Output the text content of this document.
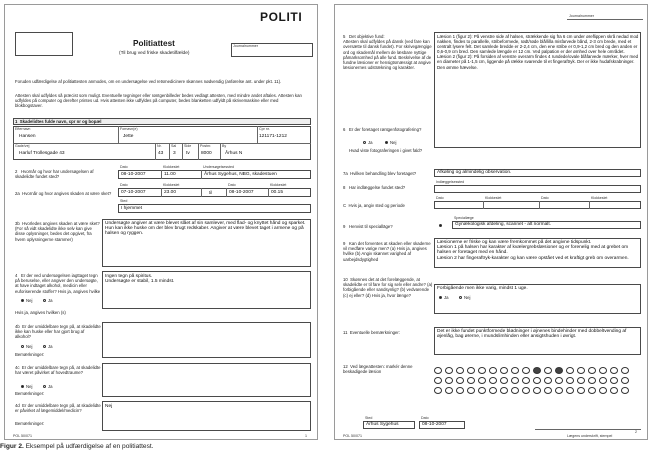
POLITI
Politiattest
(Til brug ved friske skadetilfælde)
Journalnummer
Foruden udfærdigelse af politiattesten anmodes, om en undersøgelse ved retsmedicinere skønnes nødvendig (anførelse ant. under pkt. 11).
Attesten skal udfyldes så præcist som muligt. Eventuelle tegninger eller røntgenbilleder bedes vedlagt attesten, med mindre andet aftales. Attesten kan udfyldes på computer og derefter printes ud. Hvis attesten ikke udfyldes på computer, bedes blanketten udfyldt på skrivemaskine eller med blokbogstaver.
1  Skadelidtes fulde navn, cpr nr og bopæl
Efternavn
Hansen
Fornavn(e)
Jette
Cpr nr.
121171-1212
Gade/vej
Harluf Trollesgade 43
Nr.
43
Sal
3
Side
tv
Postnr.
8000
By
Århus N
2   Hvornår og hvor har undersøgelsen af skadelidte fundet sted?
Dato	Klokkeslet	Undersøgelsessted
08-10-2007	11.00	Århus Sygehus, NBG, skadestuen
2a  Hvornår og hvor angives skaden at være sket?
Dato	Klokkeslet	Dato	Klokkeslet
07-10-2007	23.00	til	08-10-2007	00.15
Sted
I hjemmet
3b  Hvorledes angives skaden at være sket? (For så vidt skadelidte ikke selv kan give disse oplysninger, bedes det opgivet, fra hvem oplysningerne stammer)
Undersøgte angiver at være blevet slået af sin samlever, med flad- og knyttet hånd og sparket. Hun kan ikke huske om der blev brugt redskaber. Angiver at være blevet taget i armene og på halsen og ryggen.
4   Er der ved undersøgelsen iagttaget tegn på beruselse, eller angiver den undersøgte, at have indtaget alkohol, medicin eller euforiserende stoffer? Hvis ja, angives hvilke
Ingen tegn på spiritus.
Undersøgte er stabil, 1.5 mindst.
Nej	Ja
Hvis ja, angives hvilken (s)
4b  Er der umiddelbare tegn på, at skadelidte ikke kan huske eller har gjort brug af alkohol?
Nej	Ja
Bemærkninger:
4c  Er der umiddelbare tegn på, at skadelidte har været påvirket af hovedtraume?
Nej	Ja
Bemærkninger:
4d  Er der umiddelbare tegn på, at skadelidte er påvirket af lægemiddel/medicin?
Nej
Bemærkninger:
POL 50/071	1
Journalnummer
5   Det objektive fund:
Attesten skal udfyldes på dansk (ved fare kan oversætte til dansk fundet). For skrivegængige ord og skademål mellem de læsbare nyttige påmarksomhed på alle fund. Beskrivelse af de fundne læsioner er hensigtsmæssigt at angive læsionernes udstrækning og karakter.
Læsion 1 (figur 2): På venstre side af halsen, strækkende sig fra 6 cm under øreflippen skrå nedad mod nakken, findes to parallelle, stribeformede, rødt/røde blå/lilla misfarvede bånd, 2-3 cm brede, med et centralt lysere felt. Det samlede bredde er 2-2,4 cm, den ene stribe er 0,9-1,2 cm bred og den anden er 0,6-0,9 cm bred. Den samlede længde er 12 cm. Ved palpation er der ømhed over hele området.
Læsion 2 (figur 2): På forsiden af venstre overarm findes 4 rundede/ovale blåfarvede mærker, hver med en diameter på 1-1,5 cm, liggende på række svarende til et fingeraftryk. Der er ikke hudafskrabninger. Den ømme hævelse.
6   Er der foretaget røntgenfotografering?
Ja	Nej
Hvad viste fotograferingen i givet fald?
7a  Hvilken behandling blev foretaget?	Afkøling og almindelig observation.
8   Har indlæggelse fundet sted?
Indlæggelsessted
C  Hvis ja, angiv sted og periode
Dato	Klokkeslet	Dato	Klokkeslet
9   Henvist til specialläge?
Speciallæge
Gynækologisk afdeling, scannet - alt normalt.
9   Kan det forventes at skaden eller skaderne vil medføre varige men? (a) Hvis ja, angives hvilke (b) Angiv skønnet varighed af uarbejdsdygtighed
Læsionerne er friske og kan være fremkommet på det angivne tidspunkt.
Læsion 1 på halsen har karakter af kvælergrebslæsioner og er forenelig med at grebet om halsen er foretaget med en hånd.
Læsion 2 har fingeraftryk-karakter og kan være opstået ved et kraftigt greb om overarmen.
10  Skønnes det at det forelæggende, at skadelidte er til fare for sig selv eller andre? (a) forbigående eller sandsynlig? (b) vedvarende (c) ej eller? (d) Hvis ja, hvor længe?
Forbigående men ikke varig, mindst 1 uge.
Ja	Nej
11  Eventuelle bemærkninger:	Det er ikke fundet punktformede blødninger i øjnenes bindehinder med dobbeltvending af øjenlåg, bag ørerne, i mundslimhinden eller ansigtshuden i øvrigt.
12  Ved lægeattesten: markér denne beskadigede læsion
Sted
Århus Sygehus
Dato
08-10-2007
POL 50/071	Lægens underskrift, stempel
2
Figur 2. Eksempel på udfærdigelse af en politiattest.
